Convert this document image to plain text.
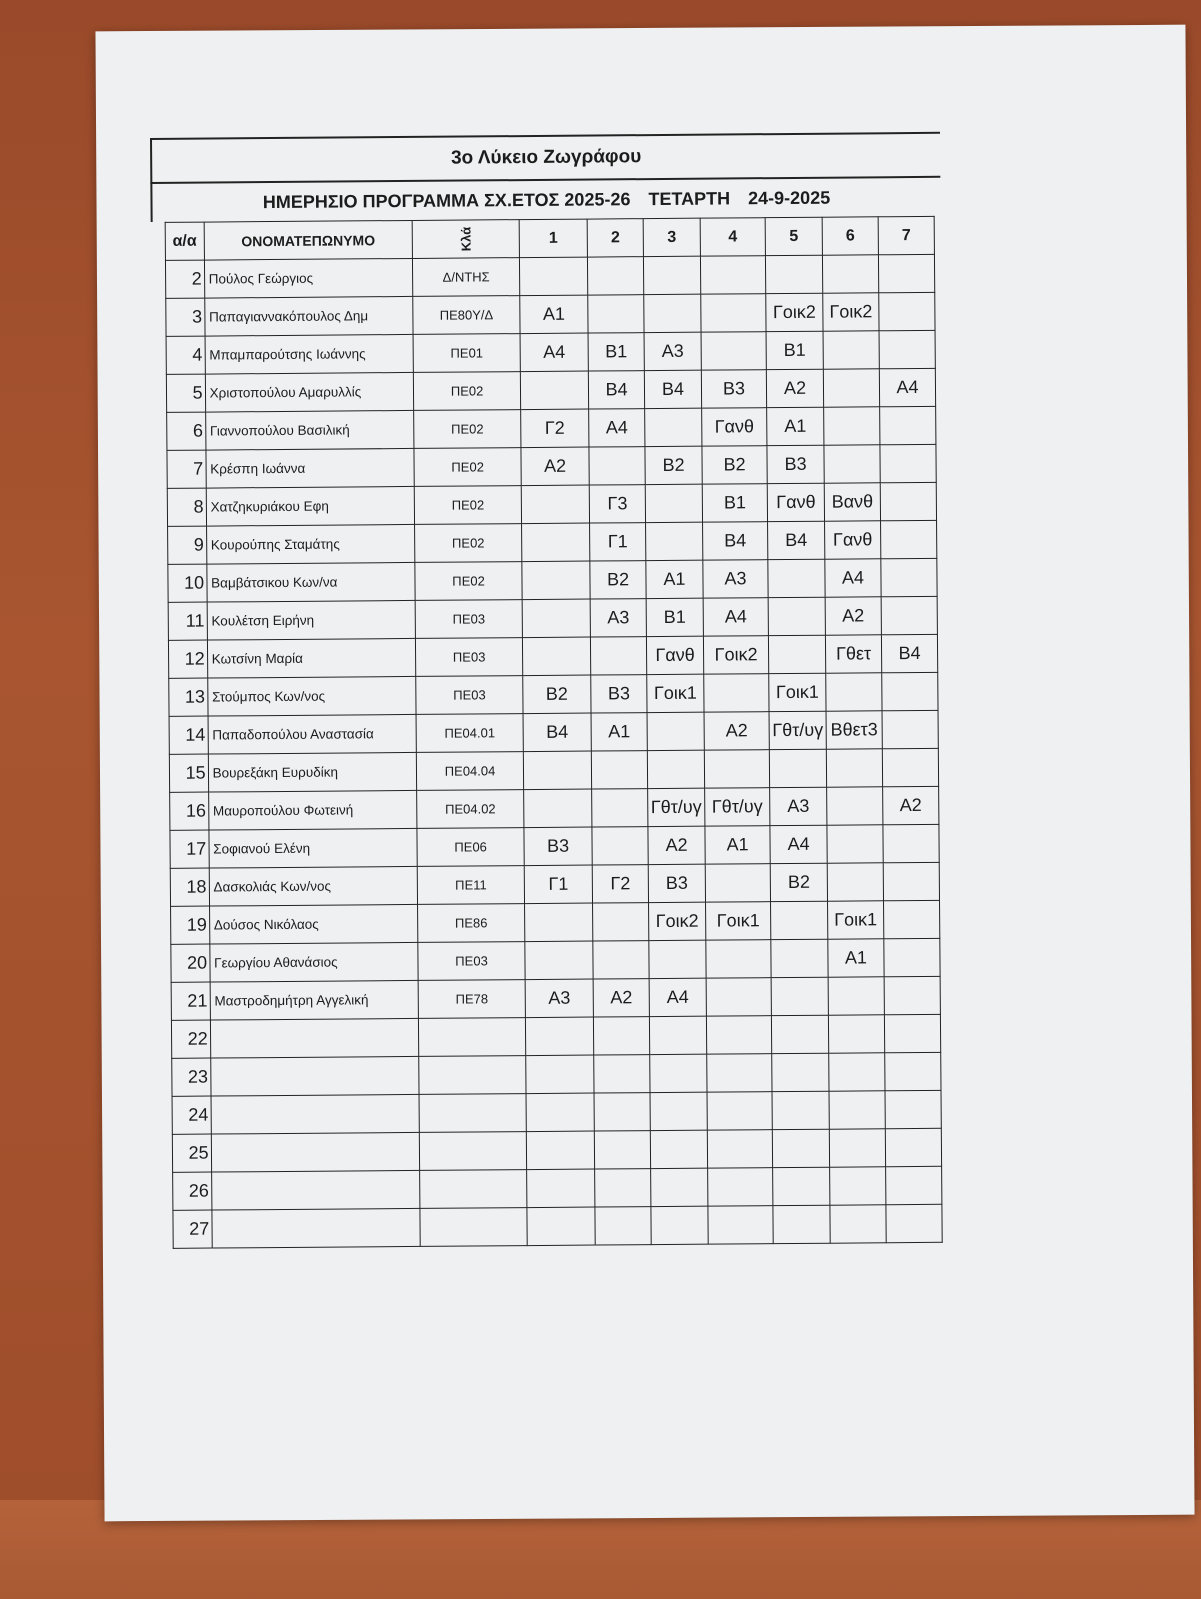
3ο Λύκειο Ζωγράφου
ΗΜΕΡΗΣΙΟ ΠΡΟΓΡΑΜΜΑ ΣΧ.ΕΤΟΣ 2025-26 ΤΕΤΑΡΤΗ 24-9-2025
α/α	ΟΝΟΜΑΤΕΠΩΝΥΜΟ	Κλά	1	2	3	4	5	6	7
2	Πούλος Γεώργιος	Δ/ΝΤΗΣ							
3	Παπαγιαννακόπουλος Δημ	ΠΕ80Υ/Δ	Α1				Γοικ2	Γοικ2	
4	Μπαμπαρούτσης Ιωάννης	ΠΕ01	Α4	Β1	Α3		Β1		
5	Χριστοπούλου Αμαρυλλίς	ΠΕ02		Β4	Β4	Β3	Α2		Α4
6	Γιαννοπούλου Βασιλική	ΠΕ02	Γ2	Α4		Γανθ	Α1		
7	Κρέσπη Ιωάννα	ΠΕ02	Α2		Β2	Β2	Β3		
8	Χατζηκυριάκου Εφη	ΠΕ02		Γ3		Β1	Γανθ	Βανθ	
9	Κουρούπης Σταμάτης	ΠΕ02		Γ1		Β4	Β4	Γανθ	
10	Βαμβάτσικου Κων/να	ΠΕ02		Β2	Α1	Α3		Α4	
11	Κουλέτση Ειρήνη	ΠΕ03		Α3	Β1	Α4		Α2	
12	Κωτσίνη Μαρία	ΠΕ03			Γανθ	Γοικ2		Γθετ	Β4
13	Στούμπος Κων/νος	ΠΕ03	Β2	Β3	Γοικ1		Γοικ1		
14	Παπαδοπούλου Αναστασία	ΠΕ04.01	Β4	Α1		Α2	Γθτ/υγ	Βθετ3	
15	Βουρεξάκη Ευρυδίκη	ΠΕ04.04							
16	Μαυροπούλου Φωτεινή	ΠΕ04.02			Γθτ/υγ	Γθτ/υγ	Α3		Α2
17	Σοφιανού Ελένη	ΠΕ06	Β3		Α2	Α1	Α4		
18	Δασκολιάς Κων/νος	ΠΕ11	Γ1	Γ2	Β3		Β2		
19	Δούσος Νικόλαος	ΠΕ86			Γοικ2	Γοικ1		Γοικ1	
20	Γεωργίου Αθανάσιος	ΠΕ03						Α1	
21	Μαστροδημήτρη Αγγελική	ΠΕ78	Α3	Α2	Α4				
22									
23									
24									
25									
26									
27									
